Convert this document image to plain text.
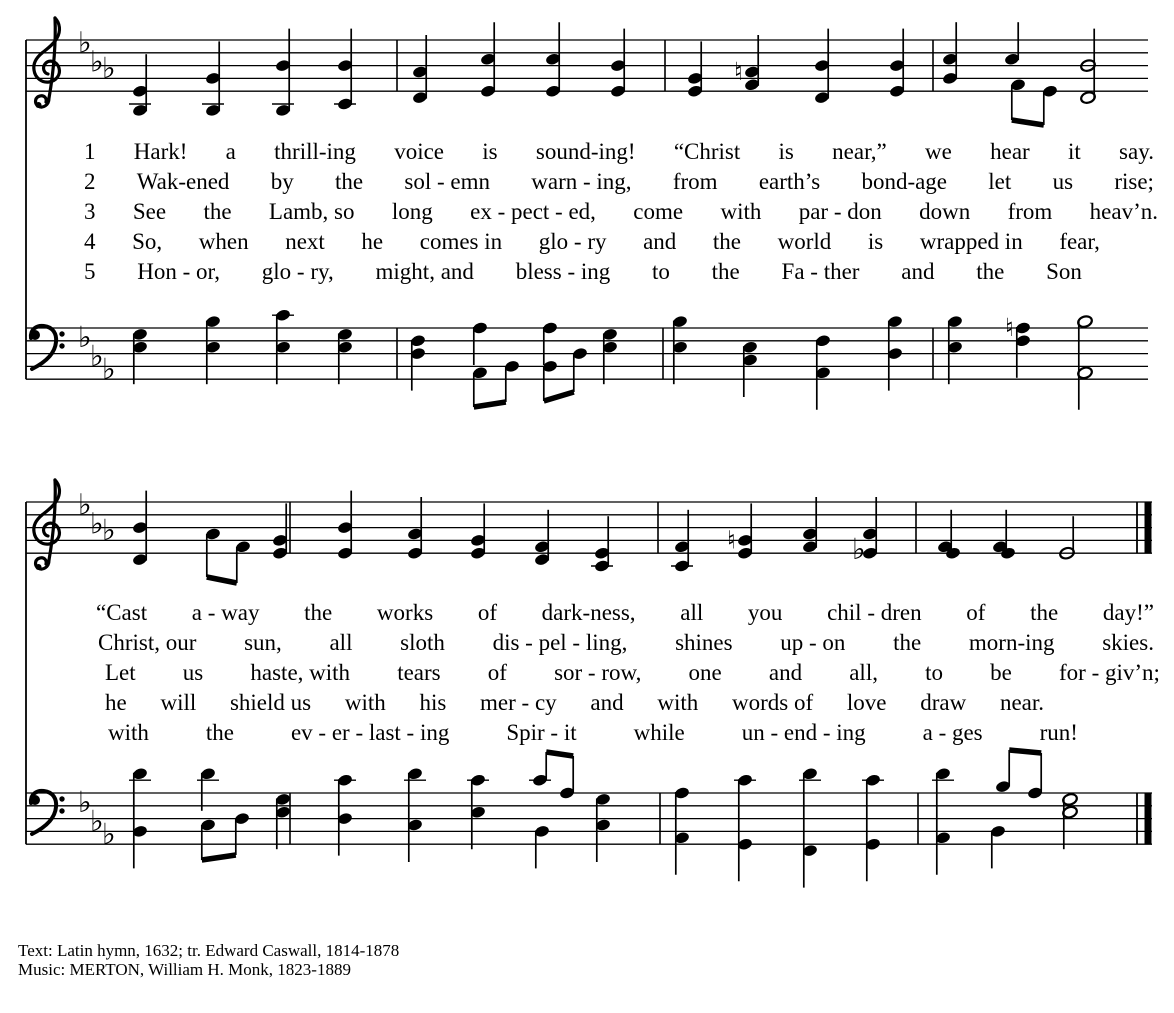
♭
♭
♭	♮
♭
♭
♭
♮
♭
♭
♭	♮	♭
♭
♭
♭
1 Hark! a thrill-ing voice is sound-ing! “Christ is near,” we hear it say.
2 Wak-ened by the sol - emn warn - ing, from earth’s bond-age let us rise;
3 See the Lamb, so long ex - pect - ed, come with par - don down from heav’n.
4 So, when next he comes in glo - ry and the world is wrapped in fear,
5 Hon - or, glo - ry, might, and bless - ing to the Fa - ther and the Son
“Cast a - way the works of dark-ness, all you chil - dren of the day!”
Christ, our sun, all sloth dis - pel - ling, shines up - on the morn-ing skies.
Let us haste, with tears of sor - row, one and all, to be for - giv’n;
he will shield us with his mer - cy and with words of love draw near.
with the ev - er - last - ing Spir - it while un - end - ing a - ges run!
Text: Latin hymn, 1632; tr. Edward Caswall, 1814-1878
Music: MERTON, William H. Monk, 1823-1889
